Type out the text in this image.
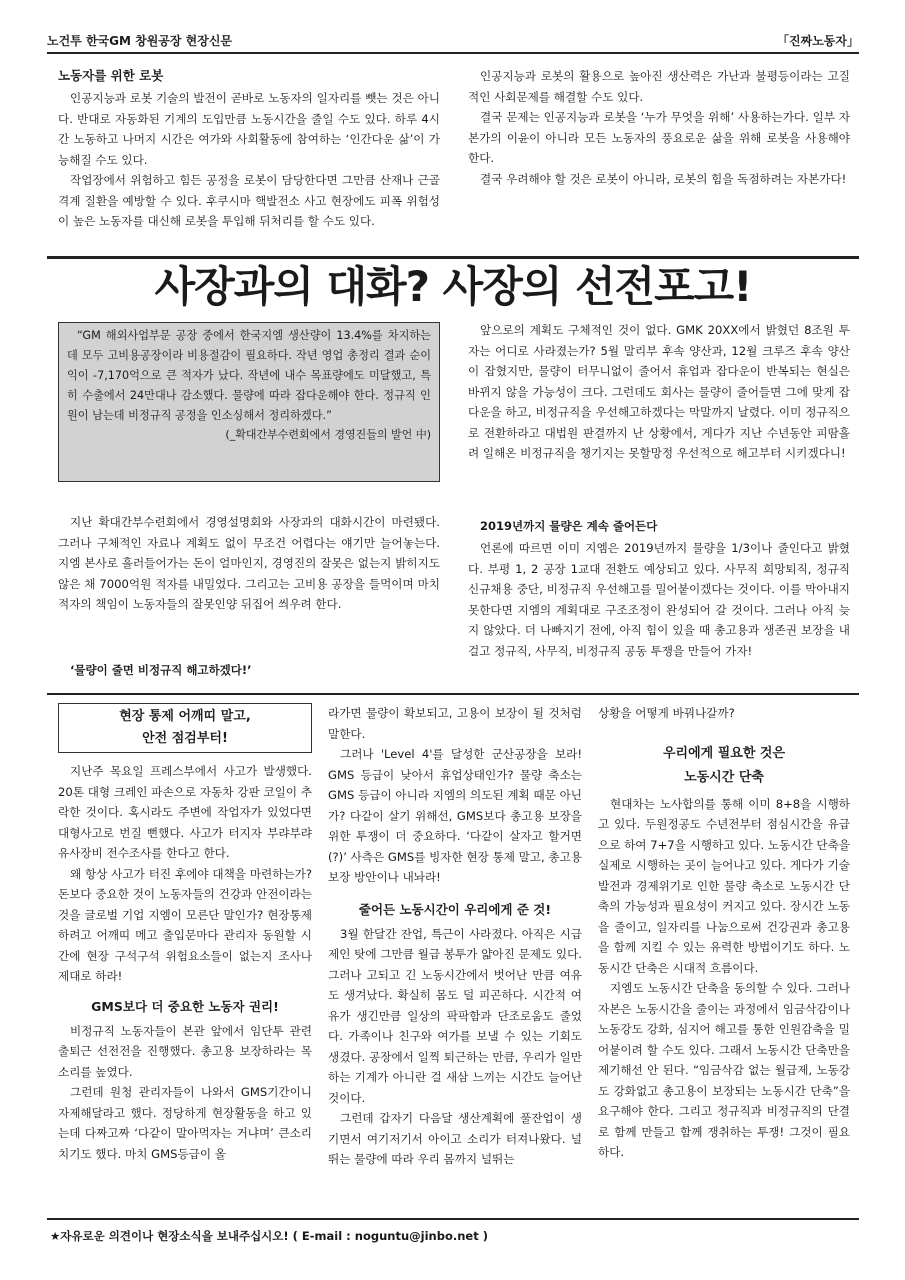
노건투 한국GM 창원공장 현장신문	「진짜노동자」
노동자를 위한 로봇

인공지능과 로봇 기술의 발전이 곧바로 노동자의 일자리를 뺏는 것은 아니다. 반대로 자동화된 기계의 도입만큼 노동시간을 줄일 수도 있다. 하루 4시간 노동하고 나머지 시간은 여가와 사회활동에 참여하는 ‘인간다운 삶’이 가능해질 수도 있다.

작업장에서 위험하고 힘든 공정을 로봇이 담당한다면 그만큼 산재나 근골격계 질환을 예방할 수 있다. 후쿠시마 핵발전소 사고 현장에도 피폭 위험성이 높은 노동자를 대신해 로봇을 투입해 뒤처리를 할 수도 있다.

인공지능과 로봇의 활용으로 높아진 생산력은 가난과 불평등이라는 고질적인 사회문제를 해결할 수도 있다.

결국 문제는 인공지능과 로봇을 ‘누가 무엇을 위해’ 사용하는가다. 일부 자본가의 이윤이 아니라 모든 노동자의 풍요로운 삶을 위해 로봇을 사용해야 한다.

결국 우려해야 할 것은 로봇이 아니라, 로봇의 힘을 독점하려는 자본가다!

사장과의 대화? 사장의 선전포고!

“GM 해외사업부문 공장 중에서 한국지엠 생산량이 13.4%를 차지하는데 모두 고비용공장이라 비용절감이 필요하다. 작년 영업 총정리 결과 순이익이 -7,170억으로 큰 적자가 났다. 작년에 내수 목표량에도 미달했고, 특히 수출에서 24만대나 감소했다. 물량에 따라 잡다운해야 한다. 정규직 인원이 남는데 비정규직 공정을 인소싱해서 정리하겠다.”

(_확대간부수련회에서 경영진들의 발언 中)

지난 확대간부수련회에서 경영설명회와 사장과의 대화시간이 마련됐다. 그러나 구체적인 자료나 계획도 없이 무조건 어렵다는 얘기만 늘어놓는다. 지엠 본사로 흘러들어가는 돈이 얼마인지, 경영진의 잘못은 없는지 밝히지도 않은 채 7000억원 적자를 내밀었다. 그리고는 고비용 공장을 들먹이며 마치 적자의 책임이 노동자들의 잘못인양 뒤집어 씌우려 한다.

‘물량이 줄면 비정규직 해고하겠다!’

앞으로의 계획도 구체적인 것이 없다. GMK 20XX에서 밝혔던 8조원 투자는 어디로 사라졌는가? 5월 말리부 후속 양산과, 12월 크루즈 후속 양산이 잡혔지만, 물량이 터무니없이 줄어서 휴업과 잡다운이 반복되는 현실은 바뀌지 않을 가능성이 크다. 그런데도 회사는 물량이 줄어들면 그에 맞게 잡다운을 하고, 비정규직을 우선해고하겠다는 막말까지 날렸다. 이미 정규직으로 전환하라고 대법원 판결까지 난 상황에서, 게다가 지난 수년동안 피땀흘려 일해온 비정규직을 챙기지는 못할망정 우선적으로 해고부터 시키겠다니!

2019년까지 물량은 계속 줄어든다

언론에 따르면 이미 지엠은 2019년까지 물량을 1/3이나 줄인다고 밝혔다. 부평 1, 2 공장 1교대 전환도 예상되고 있다. 사무직 희망퇴직, 정규직 신규채용 중단, 비정규직 우선해고를 밀어붙이겠다는 것이다. 이를 막아내지 못한다면 지엠의 계획대로 구조조정이 완성되어 갈 것이다. 그러나 아직 늦지 않았다. 더 나빠지기 전에, 아직 힘이 있을 때 총고용과 생존권 보장을 내걸고 정규직, 사무직, 비정규직 공동 투쟁을 만들어 가자!

현장 통제 어깨띠 말고,
안전 점검부터!

지난주 목요일 프레스부에서 사고가 발생했다. 20톤 대형 크레인 파손으로 자동차 강판 코일이 추락한 것이다. 혹시라도 주변에 작업자가 있었다면 대형사고로 번질 뻔했다. 사고가 터지자 부랴부랴 유사장비 전수조사를 한다고 한다.

왜 항상 사고가 터진 후에야 대책을 마련하는가? 돈보다 중요한 것이 노동자들의 건강과 안전이라는 것을 글로벌 기업 지엠이 모른단 말인가? 현장통제하려고 어깨띠 메고 출입문마다 관리자 동원할 시간에 현장 구석구석 위험요소들이 없는지 조사나 제대로 하라!

GMS보다 더 중요한 노동자 권리!

비정규직 노동자들이 본관 앞에서 임단투 관련 출퇴근 선전전을 진행했다. 총고용 보장하라는 목소리를 높였다.

그런데 원청 관리자들이 나와서 GMS기간이니 자제해달라고 했다. 정당하게 현장활동을 하고 있는데 다짜고짜 ‘다같이 말아먹자는 거냐며’ 큰소리치기도 했다. 마치 GMS등급이 올

라가면 물량이 확보되고, 고용이 보장이 될 것처럼 말한다.

그러나 'Level 4'를 달성한 군산공장을 보라! GMS 등급이 낮아서 휴업상태인가? 물량 축소는 GMS 등급이 아니라 지엠의 의도된 계획 때문 아닌가? 다같이 살기 위해선, GMS보다 총고용 보장을 위한 투쟁이 더 중요하다. ‘다같이 살자고 할거면(?)’ 사측은 GMS를 빙자한 현장 통제 말고, 총고용 보장 방안이나 내놔라!

줄어든 노동시간이 우리에게 준 것!

3월 한달간 잔업, 특근이 사라졌다. 아직은 시급제인 탓에 그만큼 월급 봉투가 얇아진 문제도 있다. 그러나 고되고 긴 노동시간에서 벗어난 만큼 여유도 생겨났다. 확실히 몸도 덜 피곤하다. 시간적 여유가 생긴만큼 일상의 팍팍함과 단조로움도 줄었다. 가족이나 친구와 여가를 보낼 수 있는 기회도 생겼다. 공장에서 일찍 퇴근하는 만큼, 우리가 일만하는 기계가 아니란 걸 새삼 느끼는 시간도 늘어난 것이다.

그런데 갑자기 다음달 생산계획에 풀잔업이 생기면서 여기저기서 아이고 소리가 터져나왔다. 널뛰는 물량에 따라 우리 몸까지 널뛰는

상황을 어떻게 바꿔나갈까?

우리에게 필요한 것은
노동시간 단축

현대차는 노사합의를 통해 이미 8+8을 시행하고 있다. 두원정공도 수년전부터 점심시간을 유급으로 하여 7+7을 시행하고 있다. 노동시간 단축을 실제로 시행하는 곳이 늘어나고 있다. 게다가 기술 발전과 경제위기로 인한 물량 축소로 노동시간 단축의 가능성과 필요성이 커지고 있다. 장시간 노동을 줄이고, 일자리를 나눔으로써 건강권과 총고용을 함께 지킬 수 있는 유력한 방법이기도 하다. 노동시간 단축은 시대적 흐름이다.

지엠도 노동시간 단축을 동의할 수 있다. 그러나 자본은 노동시간을 줄이는 과정에서 임금삭감이나 노동강도 강화, 심지어 해고를 통한 인원감축을 밀어붙이려 할 수도 있다. 그래서 노동시간 단축만을 제기해선 안 된다. “임금삭감 없는 월급제, 노동강도 강화없고 총고용이 보장되는 노동시간 단축”을 요구해야 한다. 그리고 정규직과 비정규직의 단결로 함께 만들고 함께 쟁취하는 투쟁! 그것이 필요하다.

★자유로운 의견이나 현장소식을 보내주십시오! ( E-mail : noguntu@jinbo.net )
